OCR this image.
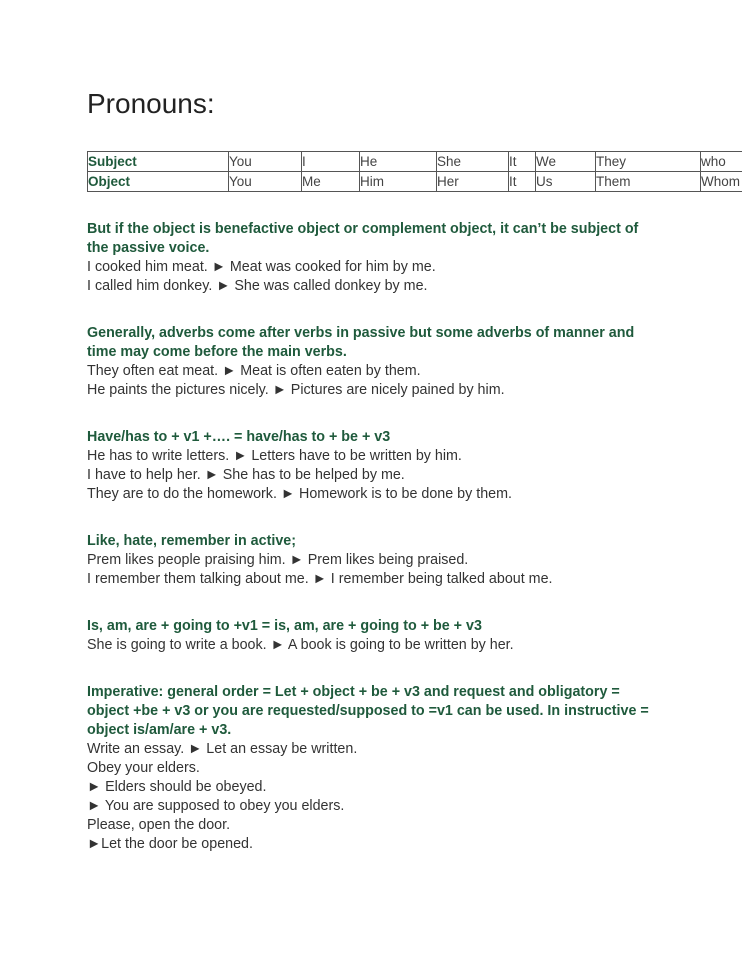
Pronouns:
Subject	You	I	He	She	It	We	They	who
Object	You	Me	Him	Her	It	Us	Them	Whom
But if the object is benefactive object or complement object, it can’t be subject of the passive voice.
I cooked him meat. ► Meat was cooked for him by me.
I called him donkey. ► She was called donkey by me.
Generally, adverbs come after verbs in passive but some adverbs of manner and time may come before the main verbs.
They often eat meat. ► Meat is often eaten by them.
He paints the pictures nicely. ► Pictures are nicely pained by him.
Have/has to + v1 +…. = have/has to + be + v3
He has to write letters. ► Letters have to be written by him.
I have to help her. ► She has to be helped by me.
They are to do the homework. ► Homework is to be done by them.
Like, hate, remember in active;
Prem likes people praising him. ► Prem likes being praised.
I remember them talking about me. ► I remember being talked about me.
Is, am, are + going to +v1 = is, am, are + going to + be + v3
She is going to write a book. ► A book is going to be written by her.
Imperative: general order = Let + object + be + v3 and request and obligatory = object +be + v3 or you are requested/supposed to =v1 can be used. In instructive = object is/am/are + v3.
Write an essay. ► Let an essay be written.
Obey your elders.
► Elders should be obeyed.
► You are supposed to obey you elders.
Please, open the door.
►Let the door be opened.
